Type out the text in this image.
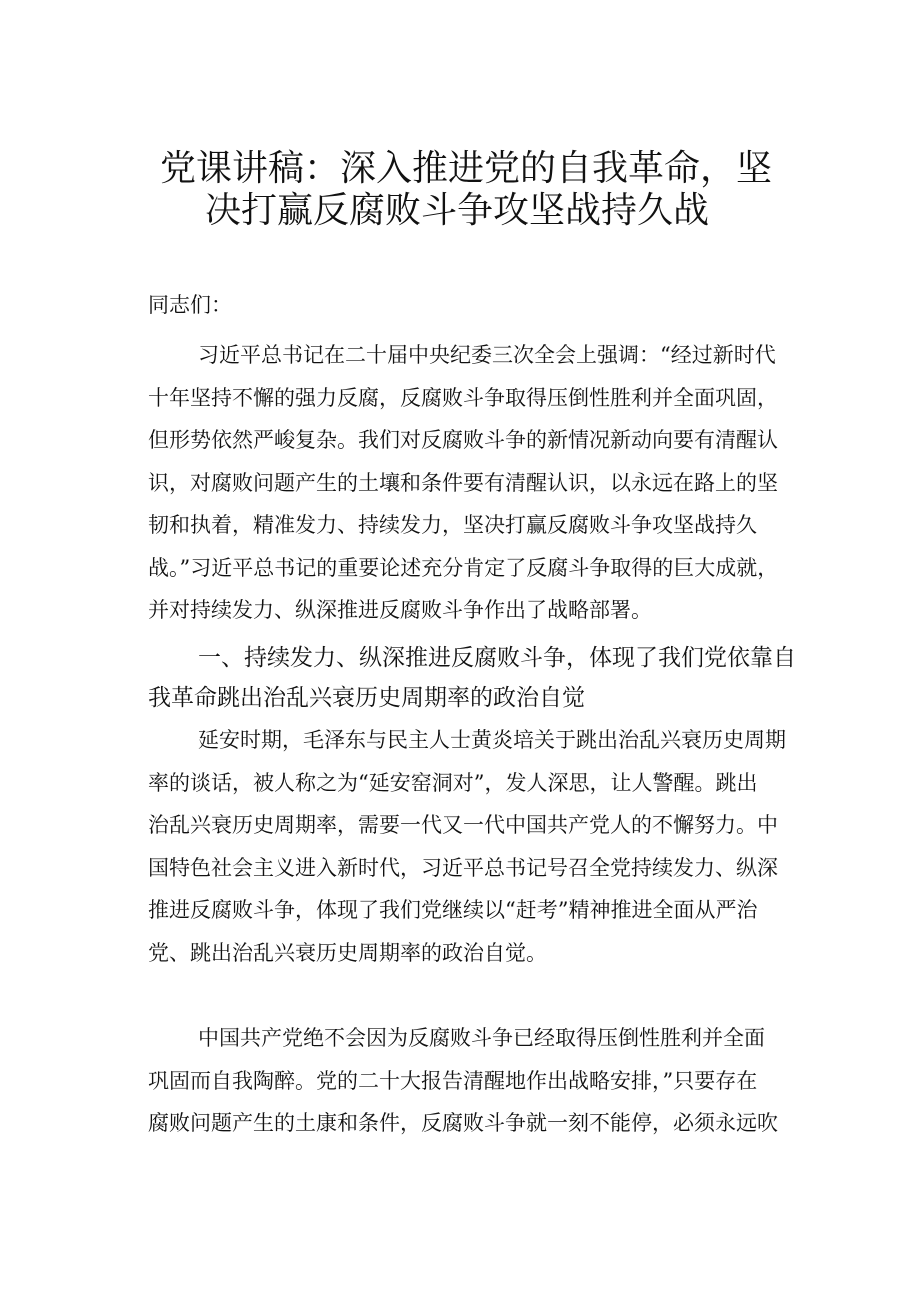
党课讲稿：深入推进党的自我革命，坚
决打赢反腐败斗争攻坚战持久战
同志们：
习近平总书记在二十届中央纪委三次全会上强调：“经过新时代
十年坚持不懈的强力反腐，反腐败斗争取得压倒性胜利并全面巩固，
但形势依然严峻复杂。我们对反腐败斗争的新情况新动向要有清醒认
识，对腐败问题产生的土壤和条件要有清醒认识，以永远在路上的坚
韧和执着，精准发力、持续发力，坚决打赢反腐败斗争攻坚战持久
战。”习近平总书记的重要论述充分肯定了反腐斗争取得的巨大成就，
并对持续发力、纵深推进反腐败斗争作出了战略部署。
一、持续发力、纵深推进反腐败斗争，体现了我们党依靠自
我革命跳出治乱兴衰历史周期率的政治自觉
延安时期，毛泽东与民主人士黄炎培关于跳出治乱兴衰历史周期
率的谈话，被人称之为“延安窑洞对”，发人深思，让人警醒。跳出
治乱兴衰历史周期率，需要一代又一代中国共产党人的不懈努力。中
国特色社会主义进入新时代，习近平总书记号召全党持续发力、纵深
推进反腐败斗争，体现了我们党继续以“赶考”精神推进全面从严治
党、跳出治乱兴衰历史周期率的政治自觉。
中国共产党绝不会因为反腐败斗争已经取得压倒性胜利并全面
巩固而自我陶醉。党的二十大报告清醒地作出战略安排，”只要存在
腐败问题产生的土康和条件，反腐败斗争就一刻不能停，必须永远吹
